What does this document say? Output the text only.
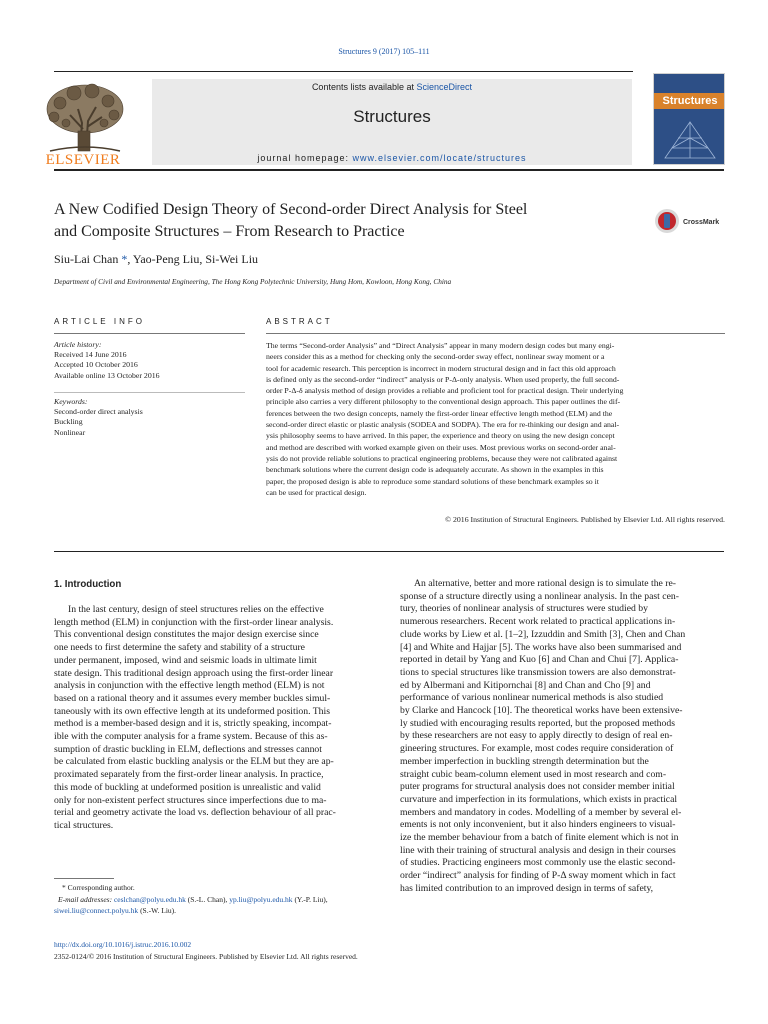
Structures 9 (2017) 105–111
ELSEVIER
Contents lists available at ScienceDirect
Structures
journal homepage: www.elsevier.com/locate/structures
Structures
A New Codified Design Theory of Second-order Direct Analysis for Steel
and Composite Structures – From Research to Practice
CrossMark
Siu-Lai Chan *, Yao-Peng Liu, Si-Wei Liu
Department of Civil and Environmental Engineering, The Hong Kong Polytechnic University, Hung Hom, Kowloon, Hong Kong, China
ARTICLE INFO
Article history:
Received 14 June 2016
Accepted 10 October 2016
Available online 13 October 2016
Keywords:
Second-order direct analysis
Buckling
Nonlinear
ABSTRACT
The terms “Second-order Analysis” and “Direct Analysis” appear in many modern design codes but many engi-
neers consider this as a method for checking only the second-order sway effect, nonlinear sway moment or a
tool for academic research. This perception is incorrect in modern structural design and in fact this old approach
is defined only as the second-order “indirect” analysis or P-Δ-only analysis. When used properly, the full second-
order P-Δ-δ analysis method of design provides a reliable and proficient tool for practical design. Their underlying
principle also carries a very different philosophy to the conventional design approach. This paper outlines the dif-
ferences between the two design concepts, namely the first-order linear effective length method (ELM) and the
second-order direct elastic or plastic analysis (SODEA and SODPA). The era for re-thinking our design and anal-
ysis philosophy seems to have arrived. In this paper, the experience and theory on using the new design concept
and method are described with worked example given on their uses. Most previous works on second-order anal-
ysis do not provide reliable solutions to practical engineering problems, because they were not calibrated against
benchmark solutions where the current design code is adequately accurate. As shown in the examples in this
paper, the proposed design is able to reproduce some standard solutions of these benchmark examples so it
can be used for practical design.
© 2016 Institution of Structural Engineers. Published by Elsevier Ltd. All rights reserved.
1. Introduction
In the last century, design of steel structures relies on the effective
length method (ELM) in conjunction with the first-order linear analysis.
This conventional design constitutes the major design exercise since
one needs to first determine the safety and stability of a structure
under permanent, imposed, wind and seismic loads in ultimate limit
state design. This traditional design approach using the first-order linear
analysis in conjunction with the effective length method (ELM) is not
based on a rational theory and it assumes every member buckles simul-
taneously with its own effective length at its undeformed position. This
method is a member-based design and it is, strictly speaking, incompat-
ible with the computer analysis for a frame system. Because of this as-
sumption of drastic buckling in ELM, deflections and stresses cannot
be calculated from elastic buckling analysis or the ELM but they are ap-
proximated separately from the first-order linear analysis. In practice,
this mode of buckling at undeformed position is unrealistic and valid
only for non-existent perfect structures since imperfections due to ma-
terial and geometry activate the load vs. deflection behaviour of all prac-
tical structures.
An alternative, better and more rational design is to simulate the re-
sponse of a structure directly using a nonlinear analysis. In the past cen-
tury, theories of nonlinear analysis of structures were studied by
numerous researchers. Recent work related to practical applications in-
clude works by Liew et al. [1–2], Izzuddin and Smith [3], Chen and Chan
[4] and White and Hajjar [5]. The works have also been summarised and
reported in detail by Yang and Kuo [6] and Chan and Chui [7]. Applica-
tions to special structures like transmission towers are also demonstrat-
ed by Albermani and Kitipornchai [8] and Chan and Cho [9] and
performance of various nonlinear numerical methods is also studied
by Clarke and Hancock [10]. The theoretical works have been extensive-
ly studied with encouraging results reported, but the proposed methods
by these researchers are not easy to apply directly to design of real en-
gineering structures. For example, most codes require consideration of
member imperfection in buckling strength determination but the
straight cubic beam-column element used in most research and com-
puter programs for structural analysis does not consider member initial
curvature and imperfection in its formulations, which exists in practical
members and mandatory in codes. Modelling of a member by several el-
ements is not only inconvenient, but it also hinders engineers to visual-
ize the member behaviour from a batch of finite element which is not in
line with their training of structural analysis and design in their courses
of studies. Practicing engineers most commonly use the elastic second-
order “indirect” analysis for finding of P-Δ sway moment which in fact
has limited contribution to an improved design in terms of safety,
* Corresponding author.
E-mail addresses: ceslchan@polyu.edu.hk (S.-L. Chan), yp.liu@polyu.edu.hk (Y.-P. Liu),
siwei.liu@connect.polyu.hk (S.-W. Liu).
http://dx.doi.org/10.1016/j.istruc.2016.10.002
2352-0124/© 2016 Institution of Structural Engineers. Published by Elsevier Ltd. All rights reserved.
